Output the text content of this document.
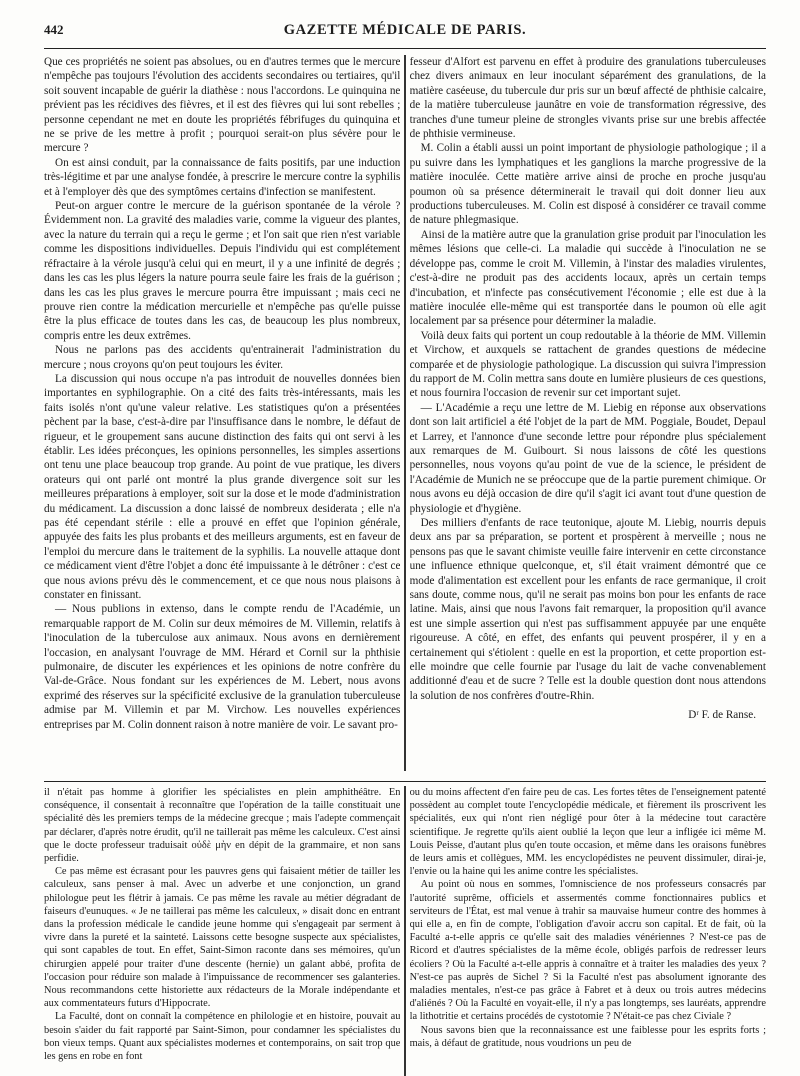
442	GAZETTE MÉDICALE DE PARIS.

Que ces propriétés ne soient pas absolues, ou en d'autres termes que le mercure n'empêche pas toujours l'évolution des accidents secondaires ou tertiaires, qu'il soit souvent incapable de guérir la diathèse : nous l'accordons. Le quinquina ne prévient pas les récidives des fièvres, et il est des fièvres qui lui sont rebelles ; personne cependant ne met en doute les propriétés fébrifuges du quinquina et ne se prive de les mettre à profit ; pourquoi serait-on plus sévère pour le mercure ?

On est ainsi conduit, par la connaissance de faits positifs, par une induction très-légitime et par une analyse fondée, à prescrire le mercure contre la syphilis et à l'employer dès que des symptômes certains d'infection se manifestent.

Peut-on arguer contre le mercure de la guérison spontanée de la vérole ? Évidemment non. La gravité des maladies varie, comme la vigueur des plantes, avec la nature du terrain qui a reçu le germe ; et l'on sait que rien n'est variable comme les dispositions individuelles. Depuis l'individu qui est complétement réfractaire à la vérole jusqu'à celui qui en meurt, il y a une infinité de degrés ; dans les cas les plus légers la nature pourra seule faire les frais de la guérison ; dans les cas les plus graves le mercure pourra être impuissant ; mais ceci ne prouve rien contre la médication mercurielle et n'empêche pas qu'elle puisse être la plus efficace de toutes dans les cas, de beaucoup les plus nombreux, compris entre les deux extrêmes.

Nous ne parlons pas des accidents qu'entrainerait l'administration du mercure ; nous croyons qu'on peut toujours les éviter.

La discussion qui nous occupe n'a pas introduit de nouvelles données bien importantes en syphilographie. On a cité des faits très-intéressants, mais les faits isolés n'ont qu'une valeur relative. Les statistiques qu'on a présentées pèchent par la base, c'est-à-dire par l'insuffisance dans le nombre, le défaut de rigueur, et le groupement sans aucune distinction des faits qui ont servi à les établir. Les idées préconçues, les opinions personnelles, les simples assertions ont tenu une place beaucoup trop grande. Au point de vue pratique, les divers orateurs qui ont parlé ont montré la plus grande divergence soit sur les meilleures préparations à employer, soit sur la dose et le mode d'administration du médicament. La discussion a donc laissé de nombreux desiderata ; elle n'a pas été cependant stérile : elle a prouvé en effet que l'opinion générale, appuyée des faits les plus probants et des meilleurs arguments, est en faveur de l'emploi du mercure dans le traitement de la syphilis. La nouvelle attaque dont ce médicament vient d'être l'objet a donc été impuissante à le détrôner : c'est ce que nous avions prévu dès le commencement, et ce que nous nous plaisons à constater en finissant.

— Nous publions in extenso, dans le compte rendu de l'Académie, un remarquable rapport de M. Colin sur deux mémoires de M. Villemin, relatifs à l'inoculation de la tuberculose aux animaux. Nous avons en dernièrement l'occasion, en analysant l'ouvrage de MM. Hérard et Cornil sur la phthisie pulmonaire, de discuter les expériences et les opinions de notre confrère du Val-de-Grâce. Nous fondant sur les expériences de M. Lebert, nous avons exprimé des réserves sur la spécificité exclusive de la granulation tuberculeuse admise par M. Villemin et par M. Virchow. Les nouvelles expériences entreprises par M. Colin donnent raison à notre manière de voir. Le savant pro-

fesseur d'Alfort est parvenu en effet à produire des granulations tuberculeuses chez divers animaux en leur inoculant séparément des granulations, de la matière caséeuse, du tubercule dur pris sur un bœuf affecté de phthisie calcaire, de la matière tuberculeuse jaunâtre en voie de transformation régressive, des tranches d'une tumeur pleine de strongles vivants prise sur une brebis affectée de phthisie vermineuse.

M. Colin a établi aussi un point important de physiologie pathologique ; il a pu suivre dans les lymphatiques et les ganglions la marche progressive de la matière inoculée. Cette matière arrive ainsi de proche en proche jusqu'au poumon où sa présence déterminerait le travail qui doit donner lieu aux productions tuberculeuses. M. Colin est disposé à considérer ce travail comme de nature phlegmasique.

Ainsi de la matière autre que la granulation grise produit par l'inoculation les mêmes lésions que celle-ci. La maladie qui succède à l'inoculation ne se développe pas, comme le croit M. Villemin, à l'instar des maladies virulentes, c'est-à-dire ne produit pas des accidents locaux, après un certain temps d'incubation, et n'infecte pas consécutivement l'économie ; elle est due à la matière inoculée elle-même qui est transportée dans le poumon où elle agit localement par sa présence pour déterminer la maladie.

Voilà deux faits qui portent un coup redoutable à la théorie de MM. Villemin et Virchow, et auxquels se rattachent de grandes questions de médecine comparée et de physiologie pathologique. La discussion qui suivra l'impression du rapport de M. Colin mettra sans doute en lumière plusieurs de ces questions, et nous fournira l'occasion de revenir sur cet important sujet.

— L'Académie a reçu une lettre de M. Liebig en réponse aux observations dont son lait artificiel a été l'objet de la part de MM. Poggiale, Boudet, Depaul et Larrey, et l'annonce d'une seconde lettre pour répondre plus spécialement aux remarques de M. Guibourt. Si nous laissons de côté les questions personnelles, nous voyons qu'au point de vue de la science, le président de l'Académie de Munich ne se préoccupe que de la partie purement chimique. Or nous avons eu déjà occasion de dire qu'il s'agit ici avant tout d'une question de physiologie et d'hygiène.

Des milliers d'enfants de race teutonique, ajoute M. Liebig, nourris depuis deux ans par sa préparation, se portent et prospèrent à merveille ; nous ne pensons pas que le savant chimiste veuille faire intervenir en cette circonstance une influence ethnique quelconque, et, s'il était vraiment démontré que ce mode d'alimentation est excellent pour les enfants de race germanique, il croit sans doute, comme nous, qu'il ne serait pas moins bon pour les enfants de race latine. Mais, ainsi que nous l'avons fait remarquer, la proposition qu'il avance est une simple assertion qui n'est pas suffisamment appuyée par une enquête rigoureuse. A côté, en effet, des enfants qui peuvent prospérer, il y en a certainement qui s'étiolent : quelle en est la proportion, et cette proportion est-elle moindre que celle fournie par l'usage du lait de vache convenablement additionné d'eau et de sucre ? Telle est la double question dont nous attendons la solution de nos confrères d'outre-Rhin.

Dʳ F. de Ranse.

il n'était pas homme à glorifier les spécialistes en plein amphithéâtre. En conséquence, il consentait à reconnaître que l'opération de la taille constituait une spécialité dès les premiers temps de la médecine grecque ; mais l'adepte commençait par déclarer, d'après notre érudit, qu'il ne taillerait pas même les calculeux. C'est ainsi que le docte professeur traduisait οὐδὲ μὴν en dépit de la grammaire, et non sans perfidie.

Ce pas même est écrasant pour les pauvres gens qui faisaient métier de tailler les calculeux, sans penser à mal. Avec un adverbe et une conjonction, un grand philologue peut les flétrir à jamais. Ce pas même les ravale au métier dégradant de faiseurs d'eunuques. « Je ne taillerai pas même les calculeux, » disait donc en entrant dans la profession médicale le candide jeune homme qui s'engageait par serment à vivre dans la pureté et la sainteté. Laissons cette besogne suspecte aux spécialistes, qui sont capables de tout. En effet, Saint-Simon raconte dans ses mémoires, qu'un chirurgien appelé pour traiter d'une descente (hernie) un galant abbé, profita de l'occasion pour réduire son malade à l'impuissance de recommencer ses galanteries. Nous recommandons cette historiette aux rédacteurs de la Morale indépendante et aux commentateurs futurs d'Hippocrate.

La Faculté, dont on connaît la compétence en philologie et en histoire, pouvait au besoin s'aider du fait rapporté par Saint-Simon, pour condamner les spécialistes du bon vieux temps. Quant aux spécialistes modernes et contemporains, on sait trop que les gens en robe en font

ou du moins affectent d'en faire peu de cas. Les fortes têtes de l'enseignement patenté possèdent au complet toute l'encyclopédie médicale, et fièrement ils proscrivent les spécialités, eux qui n'ont rien négligé pour ôter à la médecine tout caractère scientifique. Je regrette qu'ils aient oublié la leçon que leur a infligée ici même M. Louis Peisse, d'autant plus qu'en toute occasion, et même dans les oraisons funèbres de leurs amis et collègues, MM. les encyclopédistes ne peuvent dissimuler, dirai-je, l'envie ou la haine qui les anime contre les spécialistes.

Au point où nous en sommes, l'omniscience de nos professeurs consacrés par l'autorité suprême, officiels et assermentés comme fonctionnaires publics et serviteurs de l'État, est mal venue à trahir sa mauvaise humeur contre des hommes à qui elle a, en fin de compte, l'obligation d'avoir accru son capital. Et de fait, où la Faculté a-t-elle appris ce qu'elle sait des maladies vénériennes ? N'est-ce pas de Ricord et d'autres spécialistes de la même école, obligés parfois de redresser leurs écoliers ? Où la Faculté a-t-elle appris à connaître et à traiter les maladies des yeux ? N'est-ce pas auprès de Sichel ? Si la Faculté n'est pas absolument ignorante des maladies mentales, n'est-ce pas grâce à Fabret et à deux ou trois autres médecins d'aliénés ? Où la Faculté en voyait-elle, il n'y a pas longtemps, ses lauréats, apprendre la lithotritie et certains procédés de cystotomie ? N'était-ce pas chez Civiale ?

Nous savons bien que la reconnaissance est une faiblesse pour les esprits forts ; mais, à défaut de gratitude, nous voudrions un peu de
